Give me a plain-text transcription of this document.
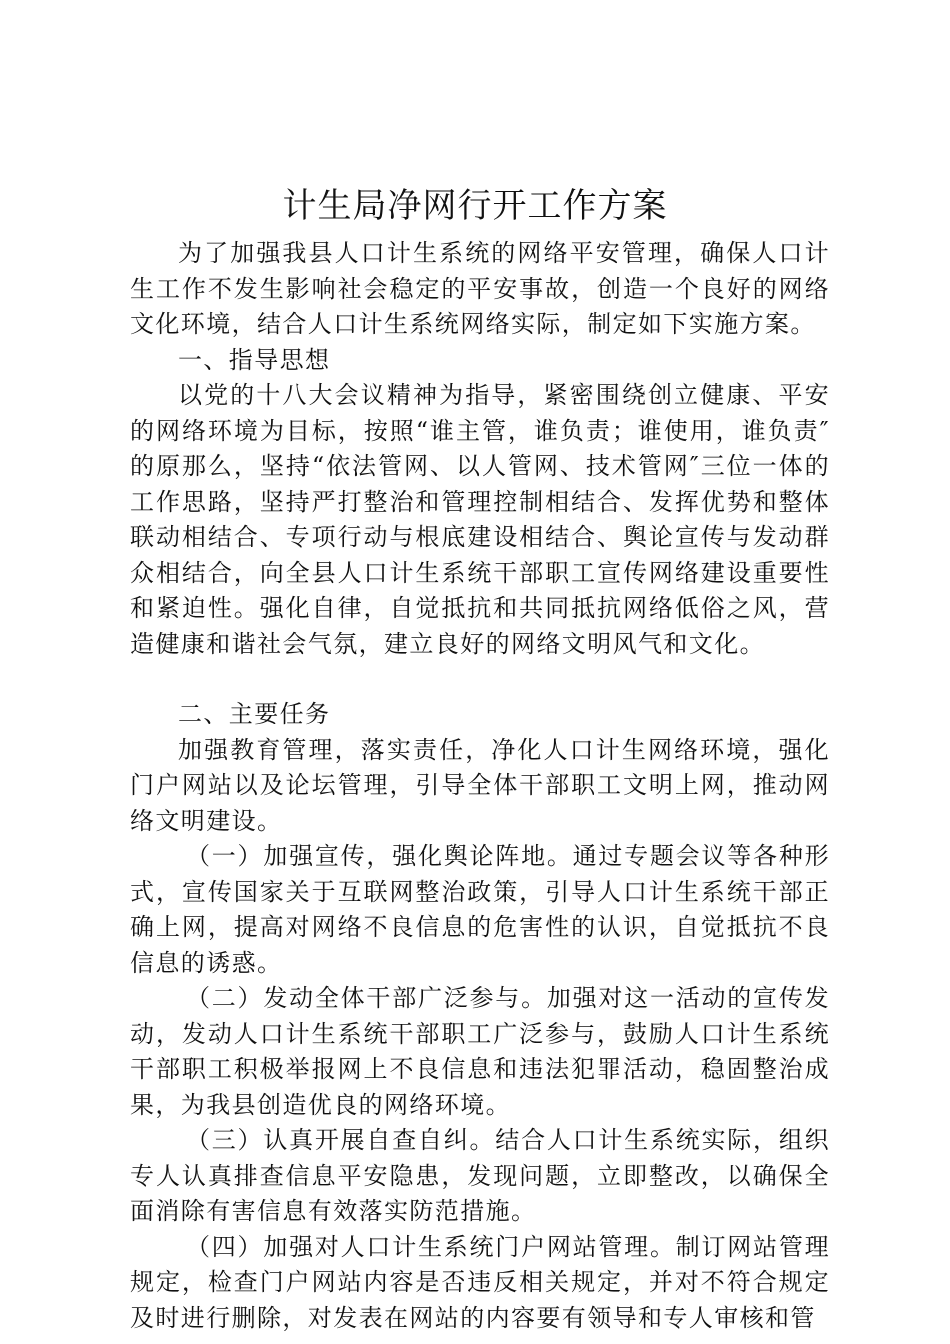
计生局净网行开工作方案

为了加强我县人口计生系统的网络平安管理，确保人口计生工作不发生影响社会稳定的平安事故，创造一个良好的网络文化环境，结合人口计生系统网络实际，制定如下实施方案。

一、指导思想

以党的十八大会议精神为指导，紧密围绕创立健康、平安的网络环境为目标，按照“谁主管，谁负责；谁使用，谁负责″的原那么，坚持“依法管网、以人管网、技术管网″三位一体的工作思路，坚持严打整治和管理控制相结合、发挥优势和整体联动相结合、专项行动与根底建设相结合、舆论宣传与发动群众相结合，向全县人口计生系统干部职工宣传网络建设重要性和紧迫性。强化自律，自觉抵抗和共同抵抗网络低俗之风，营造健康和谐社会气氛，建立良好的网络文明风气和文化。

二、主要任务

加强教育管理，落实责任，净化人口计生网络环境，强化门户网站以及论坛管理，引导全体干部职工文明上网，推动网络文明建设。

（一）加强宣传，强化舆论阵地。通过专题会议等各种形式，宣传国家关于互联网整治政策，引导人口计生系统干部正确上网，提高对网络不良信息的危害性的认识，自觉抵抗不良信息的诱惑。

（二）发动全体干部广泛参与。加强对这一活动的宣传发动，发动人口计生系统干部职工广泛参与，鼓励人口计生系统干部职工积极举报网上不良信息和违法犯罪活动，稳固整治成果，为我县创造优良的网络环境。

（三）认真开展自查自纠。结合人口计生系统实际，组织专人认真排查信息平安隐患，发现问题，立即整改，以确保全面消除有害信息有效落实防范措施。

（四）加强对人口计生系统门户网站管理。制订网站管理规定，检查门户网站内容是否违反相关规定，并对不符合规定及时进行删除，对发表在网站的内容要有领导和专人审核和管
